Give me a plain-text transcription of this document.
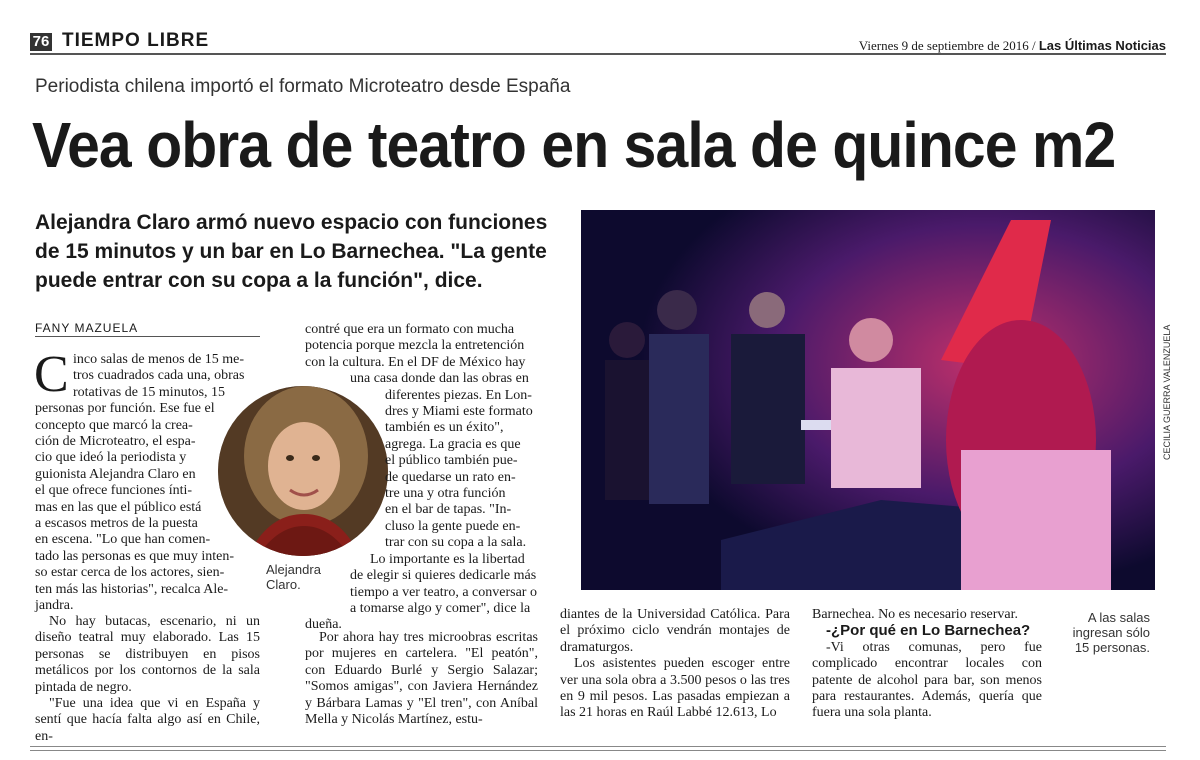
76 TIEMPO LIBRE	Viernes 9 de septiembre de 2016 / Las Últimas Noticias
Periodista chilena importó el formato Microteatro desde España
Vea obra de teatro en sala de quince m2
Alejandra Claro armó nuevo espacio con funciones de 15 minutos y un bar en Lo Barnechea. "La gente puede entrar con su copa a la función", dice.
FANY MAZUELA
C inco salas de menos de 15 me-
tros cuadrados cada una, obras
rotativas de 15 minutos, 15
personas por función. Ese fue el
concepto que marcó la crea-
ción de Microteatro, el espa-
cio que ideó la periodista y
guionista Alejandra Claro en
el que ofrece funciones ínti-
mas en las que el público está
a escasos metros de la puesta
en escena. "Lo que han comen-
tado las personas es que muy inten-
so estar cerca de los actores, sien-
ten más las historias", recalca Ale-
jandra.

No hay butacas, escenario, ni un diseño teatral muy elaborado. Las 15 personas se distribuyen en pisos metálicos por los contornos de la sala pintada de negro.

"Fue una idea que vi en España y sentí que hacía falta algo así en Chile, en-

Alejandra Claro.
contré que era un formato con mucha
potencia porque mezcla la entretención
con la cultura. En el DF de México hay
una casa donde dan las obras en
diferentes piezas. En Lon-
dres y Miami este formato
también es un éxito",
agrega. La gracia es que
el público también pue-
de quedarse un rato en-
tre una y otra función
en el bar de tapas. "In-
cluso la gente puede en-
trar con su copa a la sala.
Lo importante es la libertad
de elegir si quieres dedicarle más
tiempo a ver teatro, a conversar o
a tomarse algo y comer", dice la
dueña.

Por ahora hay tres microobras escritas por mujeres en cartelera. "El peatón", con Eduardo Burlé y Sergio Salazar; "Somos amigas", con Javiera Hernández y Bárbara Lamas y "El tren", con Aníbal Mella y Nicolás Martínez, estu-

CECILIA GUERRA VALENZUELA

diantes de la Universidad Católica. Para el próximo ciclo vendrán montajes de dramaturgos.

Los asistentes pueden escoger entre ver una sola obra a 3.500 pesos o las tres en 9 mil pesos. Las pasadas empiezan a las 21 horas en Raúl Labbé 12.613, Lo

Barnechea. No es necesario reservar.

-¿Por qué en Lo Barnechea?

-Vi otras comunas, pero fue complicado encontrar locales con patente de alcohol para bar, son menos para restaurantes. Además, quería que fuera una sola planta.

A las salas ingresan sólo 15 personas.
